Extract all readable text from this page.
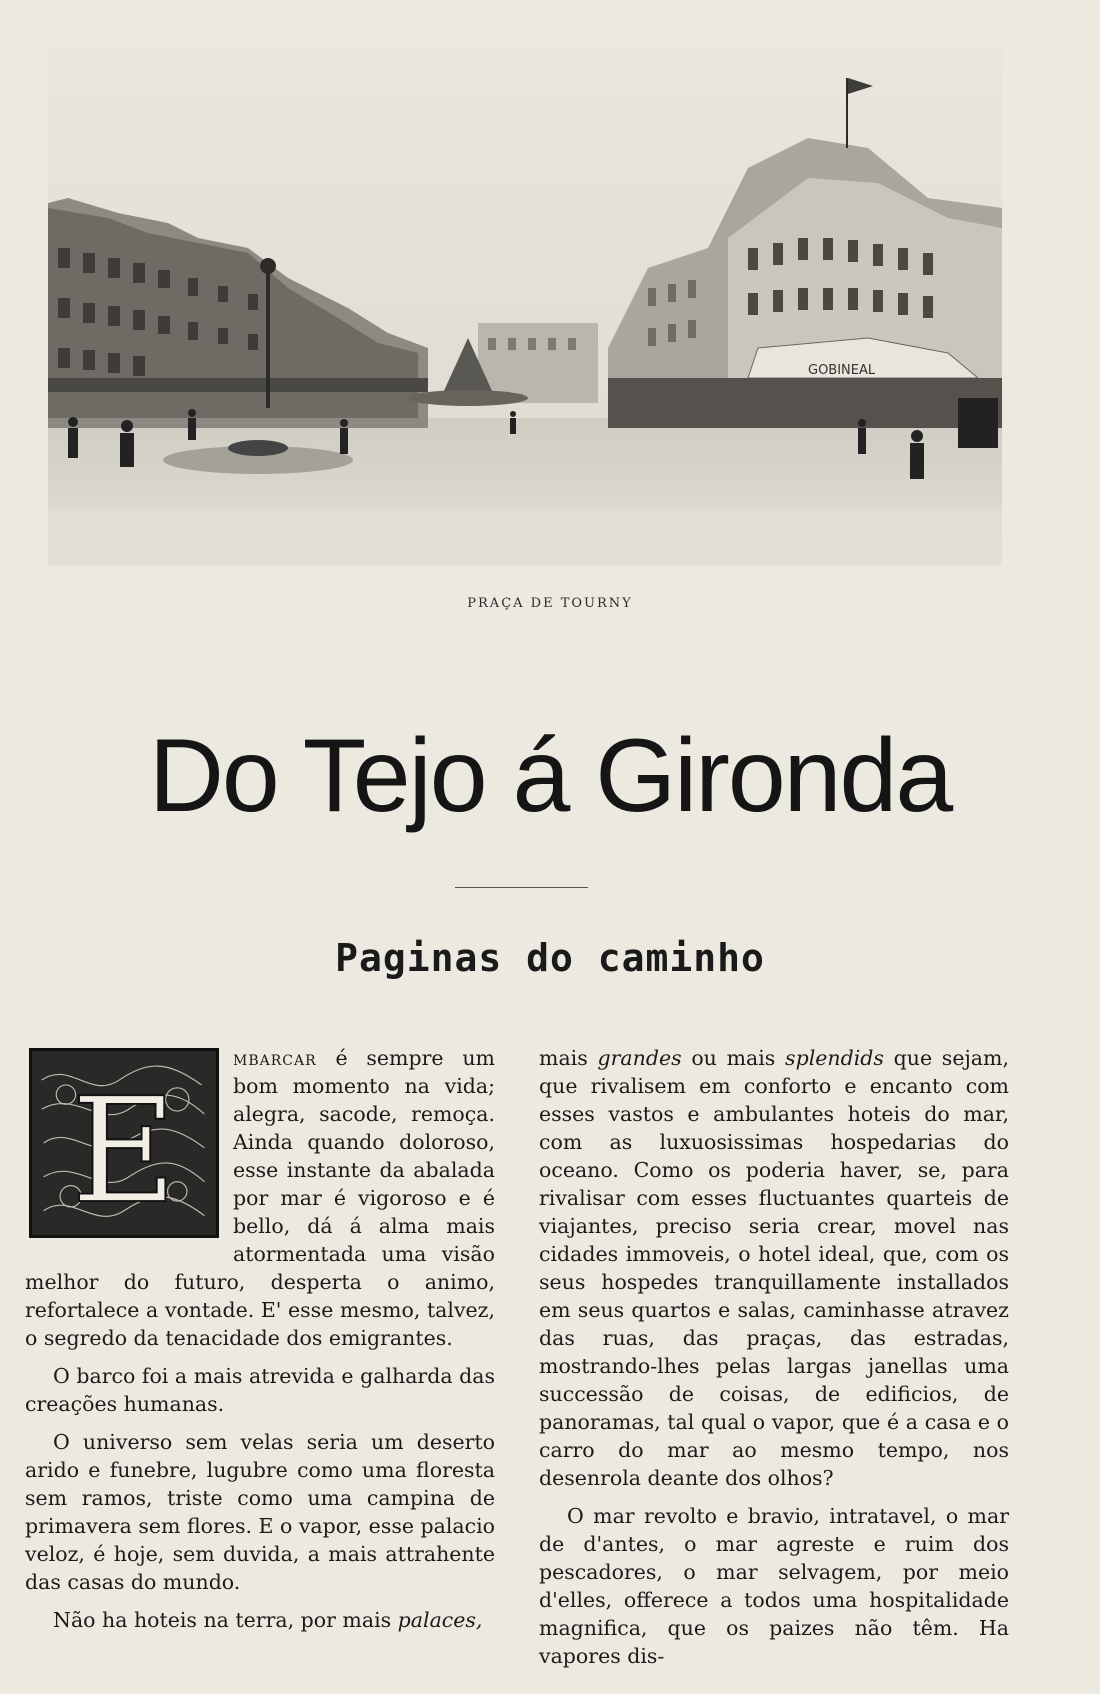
GOBINEAL
PRAÇA DE TOURNY
Do Tejo á Gironda
Paginas do caminho
E

mbarcar é sempre um bom momento na vida; alegra, sacode, remoça. Ainda quando doloroso, esse instante da abalada por mar é vigoroso e é bello, dá á alma mais atormentada uma visão melhor do futuro, desperta o animo, refortalece a vontade. E' esse mesmo, talvez, o segredo da tenacidade dos emigrantes.

O barco foi a mais atrevida e galharda das creações humanas.

O universo sem velas seria um deserto arido e funebre, lugubre como uma floresta sem ramos, triste como uma campina de primavera sem flores. E o vapor, esse palacio veloz, é hoje, sem duvida, a mais attrahente das casas do mundo.

Não ha hoteis na terra, por mais palaces,

mais grandes ou mais splendids que sejam, que rivalisem em conforto e encanto com esses vastos e ambulantes hoteis do mar, com as luxuosissimas hospedarias do oceano. Como os poderia haver, se, para rivalisar com esses fluctuantes quarteis de viajantes, preciso seria crear, movel nas cidades immoveis, o hotel ideal, que, com os seus hospedes tranquillamente installados em seus quartos e salas, caminhasse atravez das ruas, das praças, das estradas, mostrando-lhes pelas largas janellas uma successão de coisas, de edificios, de panoramas, tal qual o vapor, que é a casa e o carro do mar ao mesmo tempo, nos desenrola deante dos olhos?

O mar revolto e bravio, intratavel, o mar de d'antes, o mar agreste e ruim dos pescadores, o mar selvagem, por meio d'elles, offerece a todos uma hospitalidade magnifica, que os paizes não têm. Ha vapores dis-
